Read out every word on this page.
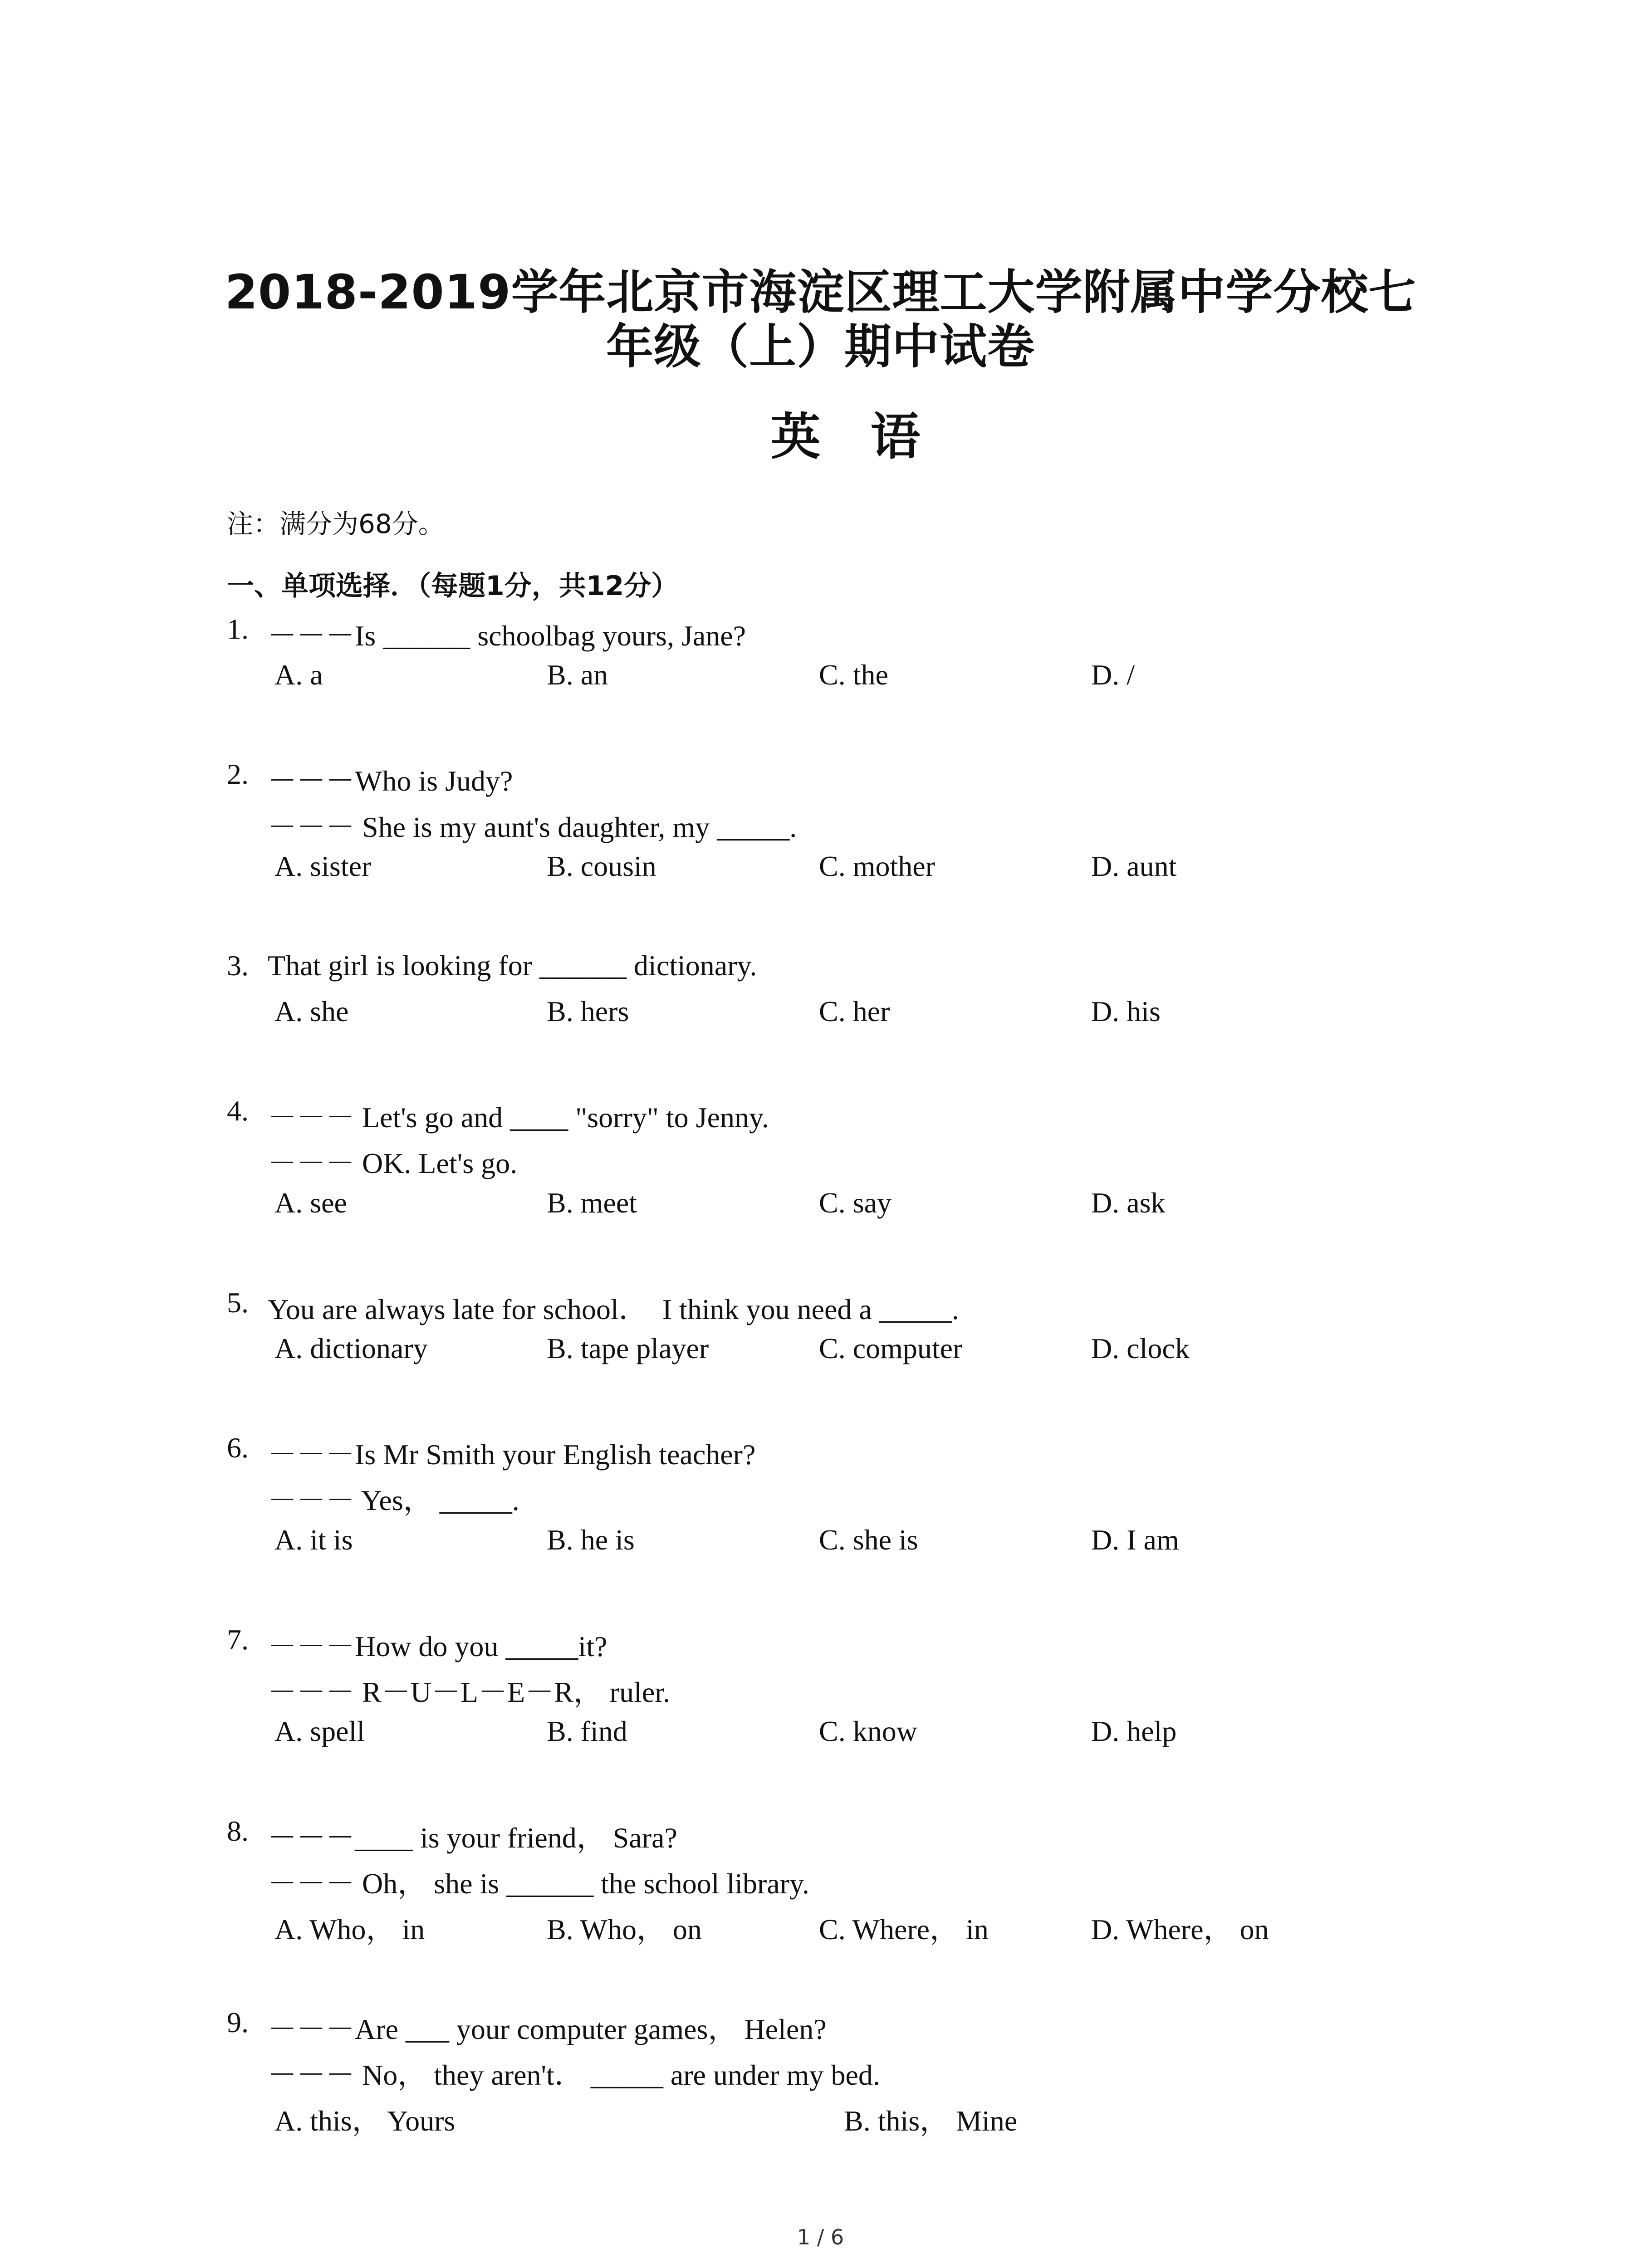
2018-2019学年北京市海淀区理工大学附属中学分校七
年级（上）期中试卷
英语
注：满分为68分。
一、单项选择．（每题1分，共12分）
1. －－－Is ______ schoolbag yours, Jane?
A. a	B. an	C. the	D. /
2. －－－Who is Judy?
－－－ She is my aunt's daughter, my _____.
A. sister	B. cousin	C. mother	D. aunt
3. That girl is looking for ______ dictionary.
A. she	B. hers	C. her	D. his
4. －－－ Let's go and ____ "sorry" to Jenny.
－－－ OK. Let's go.
A. see	B. meet	C. say	D. ask
5. You are always late for school．  I think you need a _____.
A. dictionary	B. tape player	C. computer	D. clock
6. －－－Is Mr Smith your English teacher?
－－－ Yes， _____.
A. it is	B. he is	C. she is	D. I am
7. －－－How do you _____it?
－－－ R－U－L－E－R， ruler.
A. spell	B. find	C. know	D. help
8. －－－____ is your friend， Sara?
－－－ Oh， she is ______ the school library.
A. Who， in	B. Who， on	C. Where， in	D. Where， on
9. －－－Are ___ your computer games， Helen?
－－－ No， they aren't． _____ are under my bed.
A. this， Yours	B. this， Mine
1 / 6
